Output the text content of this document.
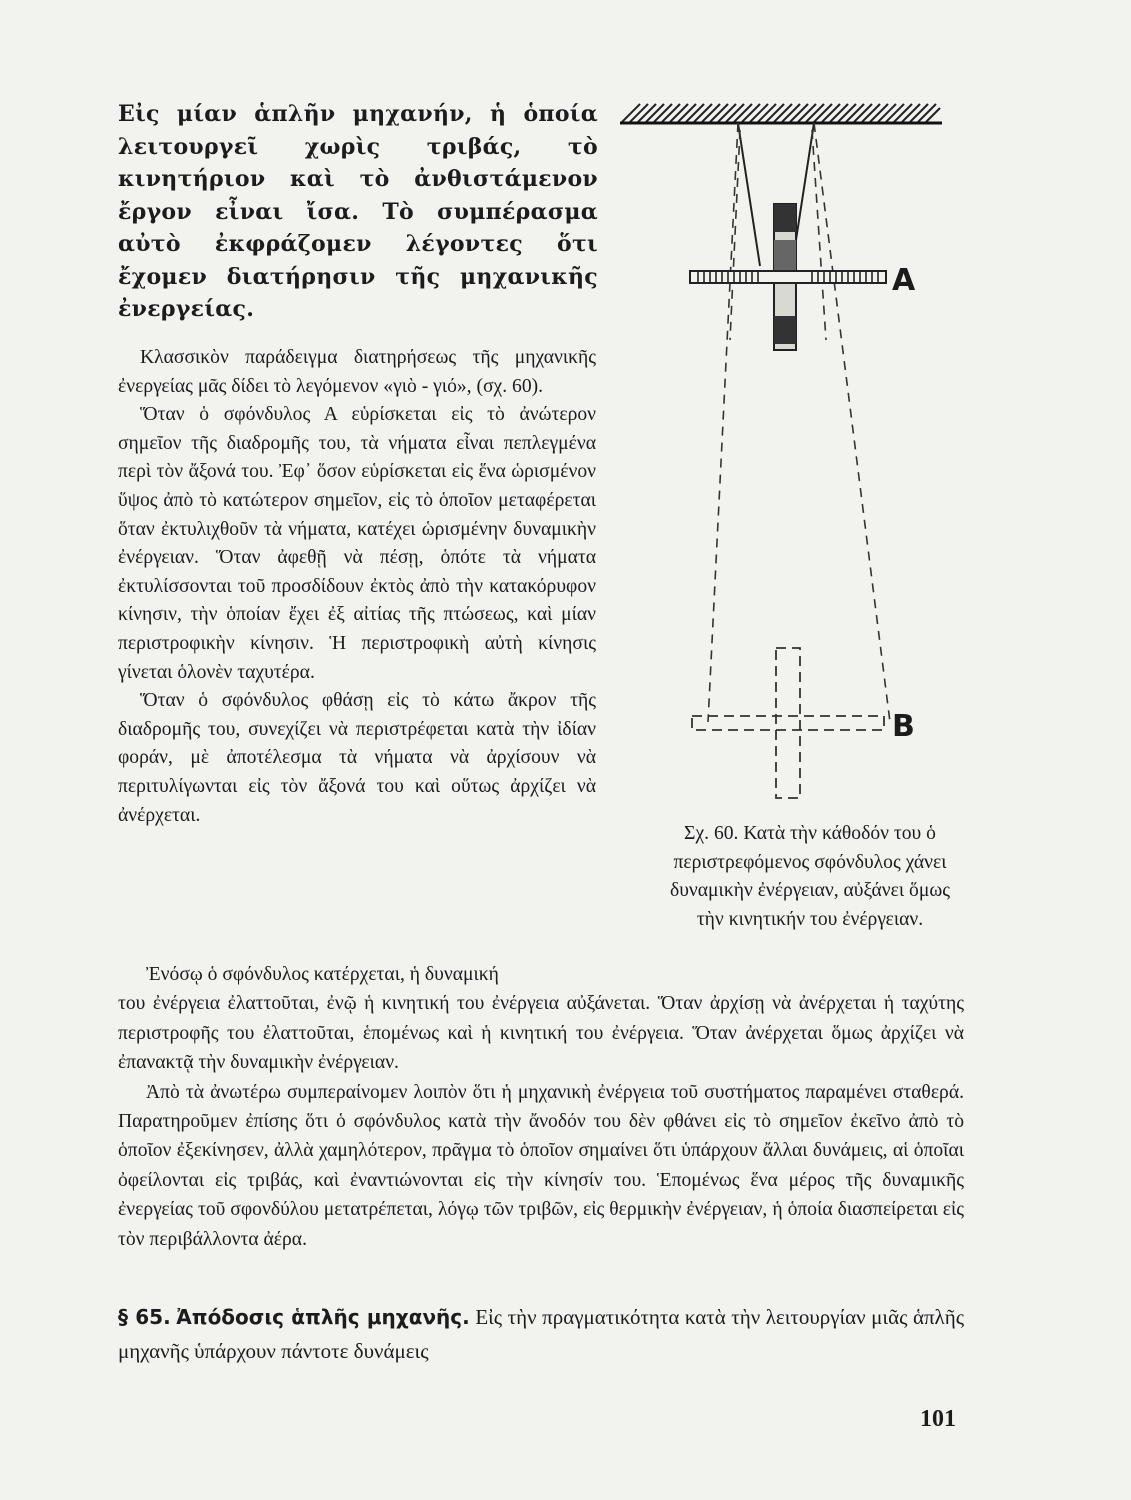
Εἰς μίαν ἁπλῆν μηχανήν, ἡ ὁποία λειτουργεῖ χωρὶς τριβάς, τὸ κινητήριον καὶ τὸ ἀνθιστάμενον ἔργον εἶναι ἴσα. Τὸ συμπέρασμα αὐτὸ ἐκφράζομεν λέγοντες ὅτι ἔχομεν διατήρησιν τῆς μηχανικῆς ἐνεργείας.

Κλασσικὸν παράδειγμα διατηρήσεως τῆς μηχανικῆς ἐνεργείας μᾶς δίδει τὸ λεγόμενον «γιὸ - γιό», (σχ. 60).

Ὅταν ὁ σφόνδυλος Α εὑρίσκεται εἰς τὸ ἀνώτερον σημεῖον τῆς διαδρομῆς του, τὰ νήματα εἶναι πεπλεγμένα περὶ τὸν ἄξονά του. Ἐφ᾽ ὅσον εὑρίσκεται εἰς ἕνα ὡρισμένον ὕψος ἀπὸ τὸ κατώτερον σημεῖον, εἰς τὸ ὁποῖον μεταφέρεται ὅταν ἐκτυλιχθοῦν τὰ νήματα, κατέχει ὡρισμένην δυναμικὴν ἐνέργειαν. Ὅταν ἀφεθῇ νὰ πέσῃ, ὁπότε τὰ νήματα ἐκτυλίσσονται τοῦ προσδίδουν ἐκτὸς ἀπὸ τὴν κατακόρυφον κίνησιν, τὴν ὁποίαν ἔχει ἐξ αἰτίας τῆς πτώσεως, καὶ μίαν περιστροφικὴν κίνησιν. Ἡ περιστροφικὴ αὐτὴ κίνησις γίνεται ὁλονὲν ταχυτέρα.

Ὅταν ὁ σφόνδυλος φθάσῃ εἰς τὸ κάτω ἄκρον τῆς διαδρομῆς του, συνεχίζει νὰ περιστρέφεται κατὰ τὴν ἰδίαν φοράν, μὲ ἀποτέλεσμα τὰ νήματα νὰ ἀρχίσουν νὰ περιτυλίγωνται εἰς τὸν ἄξονά του καὶ οὕτως ἀρχίζει νὰ ἀνέρχεται.

Α
Β

Σχ. 60. Κατὰ τὴν κάθοδόν του ὁ περιστρεφόμενος σφόνδυλος χάνει δυναμικὴν ἐνέργειαν, αὐξάνει ὅμως τὴν κινητικήν του ἐνέργειαν.

Ἐνόσῳ ὁ σφόνδυλος κατέρχεται, ἡ δυναμική
του ἐνέργεια ἐλαττοῦται, ἐνῷ ἡ κινητική του ἐνέργεια αὐξάνεται. Ὅταν ἀρχίσῃ νὰ ἀνέρχεται ἡ ταχύτης περιστροφῆς του ἐλαττοῦται, ἑπομένως καὶ ἡ κινητική του ἐνέργεια. Ὅταν ἀνέρχεται ὅμως ἀρχίζει νὰ ἐπανακτᾷ τὴν δυναμικὴν ἐνέργειαν.

Ἀπὸ τὰ ἀνωτέρω συμπεραίνομεν λοιπὸν ὅτι ἡ μηχανικὴ ἐνέργεια τοῦ συστήματος παραμένει σταθερά. Παρατηροῦμεν ἐπίσης ὅτι ὁ σφόνδυλος κατὰ τὴν ἄνοδόν του δὲν φθάνει εἰς τὸ σημεῖον ἐκεῖνο ἀπὸ τὸ ὁποῖον ἐξεκίνησεν, ἀλλὰ χαμηλότερον, πρᾶγμα τὸ ὁποῖον σημαίνει ὅτι ὑπάρχουν ἄλλαι δυνάμεις, αἱ ὁποῖαι ὀφείλονται εἰς τριβάς, καὶ ἐναντιώνονται εἰς τὴν κίνησίν του. Ἑπομένως ἕνα μέρος τῆς δυναμικῆς ἐνεργείας τοῦ σφονδύλου μετατρέπεται, λόγῳ τῶν τριβῶν, εἰς θερμικὴν ἐνέργειαν, ἡ ὁποία διασπείρεται εἰς τὸν περιβάλλοντα ἀέρα.

§ 65. Ἀπόδοσις ἁπλῆς μηχανῆς. Εἰς τὴν πραγματικότητα κατὰ τὴν λειτουργίαν μιᾶς ἁπλῆς μηχανῆς ὑπάρχουν πάντοτε δυνάμεις

101
